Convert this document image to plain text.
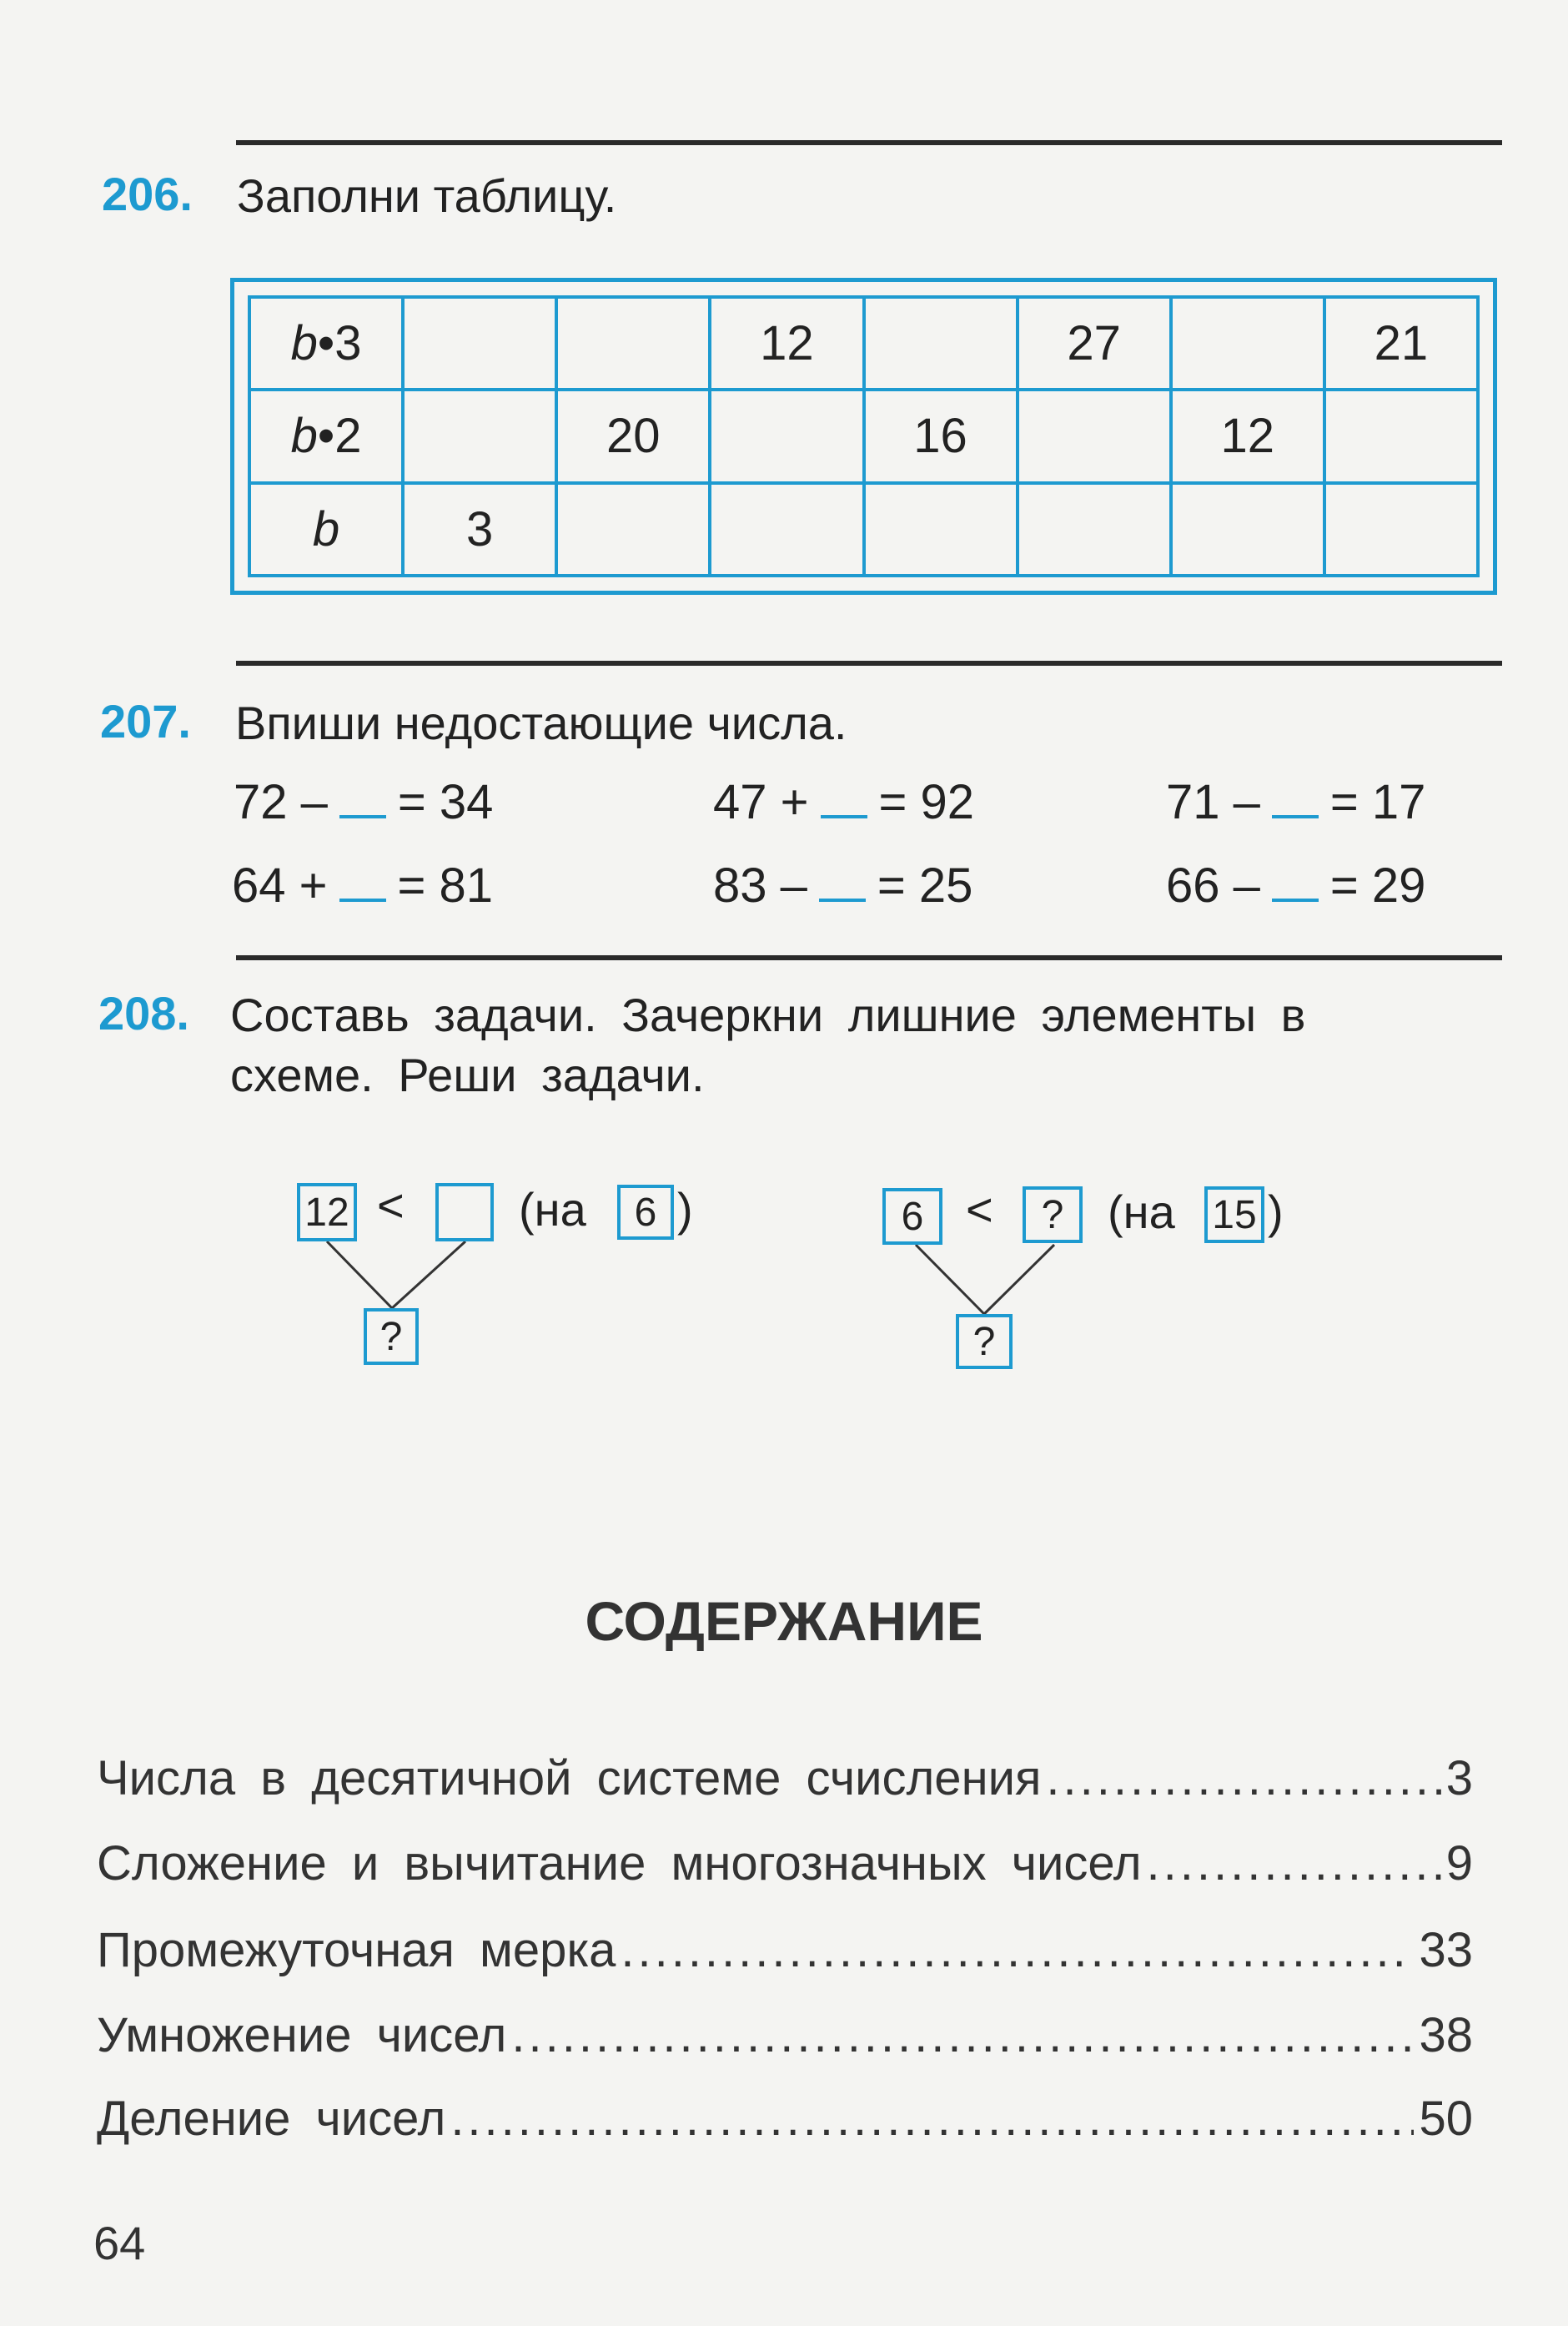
206. Заполни таблицу.
b•3			12		27		21
b•2		20		16		12	
b	3						
207. Впиши недостающие числа.
72 – = 34	47 + = 92	71 – = 17
64 + = 81	83 – = 25	66 – = 29
208. Составь задачи. Зачеркни лишние элементы в
схеме. Реши задачи.
12 < (на	6 )
?
6 <	? (на 15 )
?
СОДЕРЖАНИЕ
Числа в десятичной системе счисления .....	3
Сложение и вычитание многозначных чисел .....	9
Промежуточная мерка .....	33
Умножение чисел .....	38
Деление чисел .....	50
64
